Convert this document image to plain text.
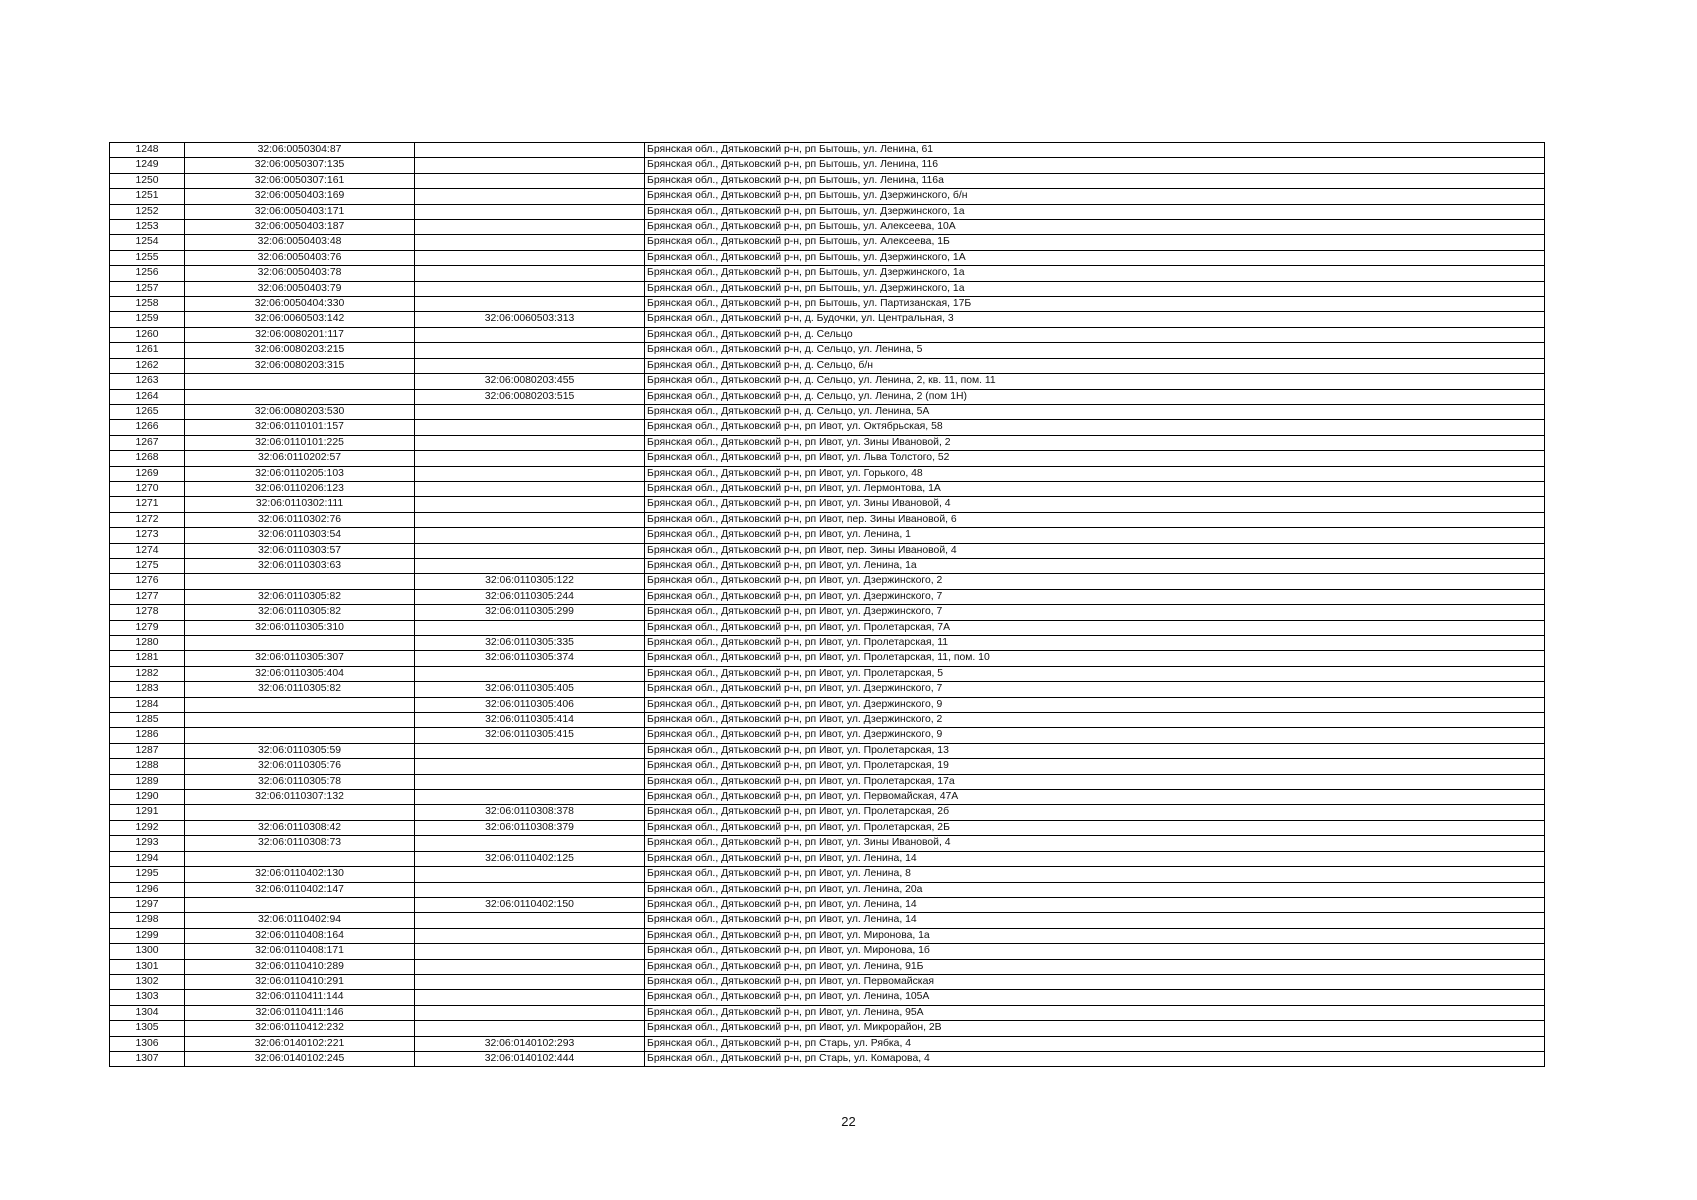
1248	32:06:0050304:87		Брянская обл., Дятьковский р-н, рп Бытошь, ул. Ленина, 61
1249	32:06:0050307:135		Брянская обл., Дятьковский р-н, рп Бытошь, ул. Ленина, 116
1250	32:06:0050307:161		Брянская обл., Дятьковский р-н, рп Бытошь, ул. Ленина, 116а
1251	32:06:0050403:169		Брянская обл., Дятьковский р-н, рп Бытошь, ул. Дзержинского, б/н
1252	32:06:0050403:171		Брянская обл., Дятьковский р-н, рп Бытошь, ул. Дзержинского, 1а
1253	32:06:0050403:187		Брянская обл., Дятьковский р-н, рп Бытошь, ул. Алексеева, 10А
1254	32:06:0050403:48		Брянская обл., Дятьковский р-н, рп Бытошь, ул. Алексеева, 1Б
1255	32:06:0050403:76		Брянская обл., Дятьковский р-н, рп Бытошь, ул. Дзержинского, 1А
1256	32:06:0050403:78		Брянская обл., Дятьковский р-н, рп Бытошь, ул. Дзержинского, 1а
1257	32:06:0050403:79		Брянская обл., Дятьковский р-н, рп Бытошь, ул. Дзержинского, 1а
1258	32:06:0050404:330		Брянская обл., Дятьковский р-н, рп Бытошь, ул. Партизанская, 17Б
1259	32:06:0060503:142	32:06:0060503:313	Брянская обл., Дятьковский р-н, д. Будочки, ул. Центральная, 3
1260	32:06:0080201:117		Брянская обл., Дятьковский р-н, д. Сельцо
1261	32:06:0080203:215		Брянская обл., Дятьковский р-н, д. Сельцо, ул. Ленина, 5
1262	32:06:0080203:315		Брянская обл., Дятьковский р-н, д. Сельцо, б/н
1263		32:06:0080203:455	Брянская обл., Дятьковский р-н, д. Сельцо, ул. Ленина, 2, кв. 11, пом. 11
1264		32:06:0080203:515	Брянская обл., Дятьковский р-н, д. Сельцо, ул. Ленина, 2 (пом 1Н)
1265	32:06:0080203:530		Брянская обл., Дятьковский р-н, д. Сельцо, ул. Ленина, 5А
1266	32:06:0110101:157		Брянская обл., Дятьковский р-н, рп Ивот, ул. Октябрьская, 58
1267	32:06:0110101:225		Брянская обл., Дятьковский р-н, рп Ивот, ул. Зины Ивановой, 2
1268	32:06:0110202:57		Брянская обл., Дятьковский р-н, рп Ивот, ул. Льва Толстого, 52
1269	32:06:0110205:103		Брянская обл., Дятьковский р-н, рп Ивот, ул. Горького, 48
1270	32:06:0110206:123		Брянская обл., Дятьковский р-н, рп Ивот, ул. Лермонтова, 1А
1271	32:06:0110302:111		Брянская обл., Дятьковский р-н, рп Ивот, ул. Зины Ивановой, 4
1272	32:06:0110302:76		Брянская обл., Дятьковский р-н, рп Ивот, пер. Зины Ивановой, 6
1273	32:06:0110303:54		Брянская обл., Дятьковский р-н, рп Ивот, ул. Ленина, 1
1274	32:06:0110303:57		Брянская обл., Дятьковский р-н, рп Ивот, пер. Зины Ивановой, 4
1275	32:06:0110303:63		Брянская обл., Дятьковский р-н, рп Ивот, ул. Ленина, 1а
1276		32:06:0110305:122	Брянская обл., Дятьковский р-н, рп Ивот, ул. Дзержинского, 2
1277	32:06:0110305:82	32:06:0110305:244	Брянская обл., Дятьковский р-н, рп Ивот, ул. Дзержинского, 7
1278	32:06:0110305:82	32:06:0110305:299	Брянская обл., Дятьковский р-н, рп Ивот, ул. Дзержинского, 7
1279	32:06:0110305:310		Брянская обл., Дятьковский р-н, рп Ивот, ул. Пролетарская, 7А
1280		32:06:0110305:335	Брянская обл., Дятьковский р-н, рп Ивот, ул. Пролетарская, 11
1281	32:06:0110305:307	32:06:0110305:374	Брянская обл., Дятьковский р-н, рп Ивот, ул. Пролетарская, 11, пом. 10
1282	32:06:0110305:404		Брянская обл., Дятьковский р-н, рп Ивот, ул. Пролетарская, 5
1283	32:06:0110305:82	32:06:0110305:405	Брянская обл., Дятьковский р-н, рп Ивот, ул. Дзержинского, 7
1284		32:06:0110305:406	Брянская обл., Дятьковский р-н, рп Ивот, ул. Дзержинского, 9
1285		32:06:0110305:414	Брянская обл., Дятьковский р-н, рп Ивот, ул. Дзержинского, 2
1286		32:06:0110305:415	Брянская обл., Дятьковский р-н, рп Ивот, ул. Дзержинского, 9
1287	32:06:0110305:59		Брянская обл., Дятьковский р-н, рп Ивот, ул. Пролетарская, 13
1288	32:06:0110305:76		Брянская обл., Дятьковский р-н, рп Ивот, ул. Пролетарская, 19
1289	32:06:0110305:78		Брянская обл., Дятьковский р-н, рп Ивот, ул. Пролетарская, 17а
1290	32:06:0110307:132		Брянская обл., Дятьковский р-н, рп Ивот, ул. Первомайская, 47А
1291		32:06:0110308:378	Брянская обл., Дятьковский р-н, рп Ивот, ул. Пролетарская, 2б
1292	32:06:0110308:42	32:06:0110308:379	Брянская обл., Дятьковский р-н, рп Ивот, ул. Пролетарская, 2Б
1293	32:06:0110308:73		Брянская обл., Дятьковский р-н, рп Ивот, ул. Зины Ивановой, 4
1294		32:06:0110402:125	Брянская обл., Дятьковский р-н, рп Ивот, ул. Ленина, 14
1295	32:06:0110402:130		Брянская обл., Дятьковский р-н, рп Ивот, ул. Ленина, 8
1296	32:06:0110402:147		Брянская обл., Дятьковский р-н, рп Ивот, ул. Ленина, 20а
1297		32:06:0110402:150	Брянская обл., Дятьковский р-н, рп Ивот, ул. Ленина, 14
1298	32:06:0110402:94		Брянская обл., Дятьковский р-н, рп Ивот, ул. Ленина, 14
1299	32:06:0110408:164		Брянская обл., Дятьковский р-н, рп Ивот, ул. Миронова, 1а
1300	32:06:0110408:171		Брянская обл., Дятьковский р-н, рп Ивот, ул. Миронова, 1б
1301	32:06:0110410:289		Брянская обл., Дятьковский р-н, рп Ивот, ул. Ленина, 91Б
1302	32:06:0110410:291		Брянская обл., Дятьковский р-н, рп Ивот, ул. Первомайская
1303	32:06:0110411:144		Брянская обл., Дятьковский р-н, рп Ивот, ул. Ленина, 105А
1304	32:06:0110411:146		Брянская обл., Дятьковский р-н, рп Ивот, ул. Ленина, 95А
1305	32:06:0110412:232		Брянская обл., Дятьковский р-н, рп Ивот, ул. Микрорайон, 2В
1306	32:06:0140102:221	32:06:0140102:293	Брянская обл., Дятьковский р-н, рп Старь, ул. Рябка, 4
1307	32:06:0140102:245	32:06:0140102:444	Брянская обл., Дятьковский р-н, рп Старь, ул. Комарова, 4
22
